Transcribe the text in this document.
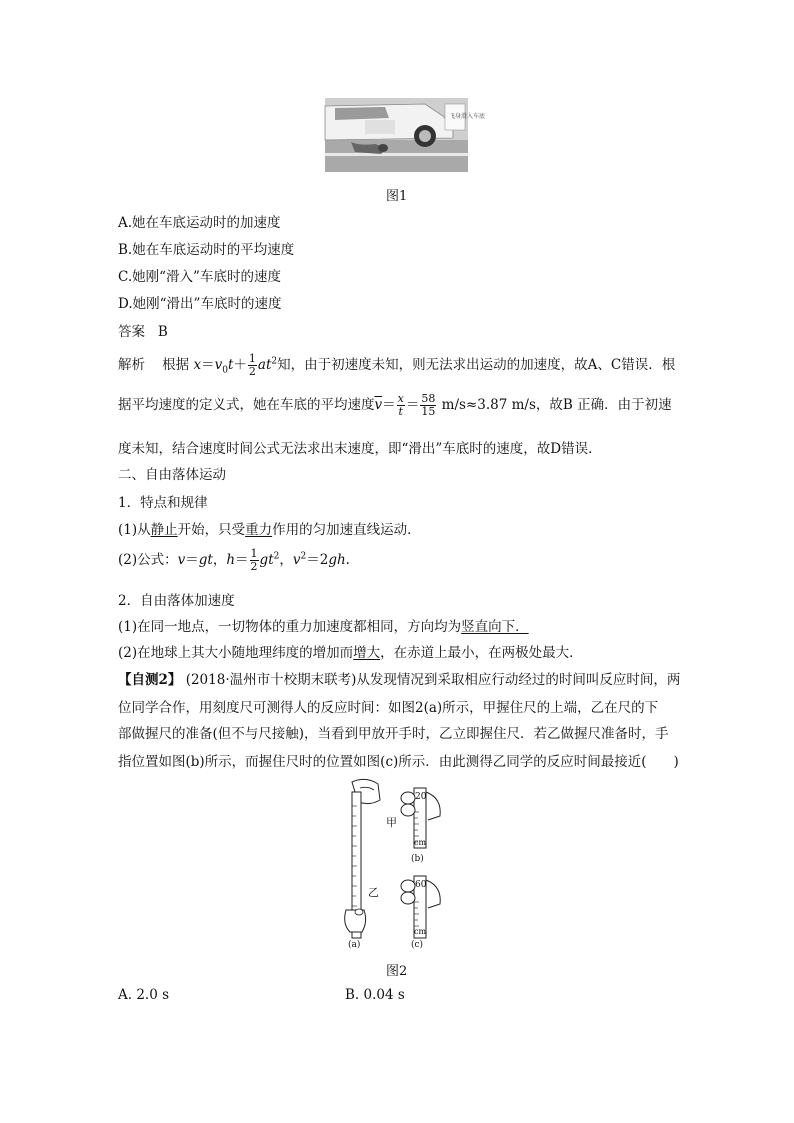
飞身滑入车底
图1
A.她在车底运动时的加速度
B.她在车底运动时的平均速度
C.她刚“滑入”车底时的速度
D.她刚“滑出”车底时的速度
答案 B
解析 根据 $x=v_0t+ \frac{1}{2} at^2$知，由于初速度未知，则无法求出运动的加速度，故A、C错误．根
据平均速度的定义式，她在车底的平均速度$\overline{v}= \frac{x}{t} = \frac{58}{15} m/s\approx 3.87$ m/s，故B 正确．由于初速
度未知，结合速度时间公式无法求出末速度，即“滑出”车底时的速度，故D错误．
二、自由落体运动
1．特点和规律
(1)从静止开始，只受重力作用的匀加速直线运动．
(2)公式：v＝gt，$h= \frac{1}{2} gt^2$，$v^2=2gh$.
2．自由落体加速度
(1)在同一地点，一切物体的重力加速度都相同，方向均为竖直向下．
(2)在地球上其大小随地理纬度的增加而增大，在赤道上最小，在两极处最大．
【自测2】 (2018·温州市十校期末联考)从发现情况到采取相应行动经过的时间叫反应时间，两
位同学合作，用刻度尺可测得人的反应时间：如图2(a)所示，甲握住尺的上端，乙在尺的下
部做握尺的准备(但不与尺接触)，当看到甲放开手时，乙立即握住尺．若乙做握尺准备时，手
指位置如图(b)所示，而握住尺时的位置如图(c)所示．由此测得乙同学的反应时间最接近(　　)
甲
乙
20
60
cm
cm
(b)
(a)	(c)
图2
A. 2.0 s	B. 0.04 s
